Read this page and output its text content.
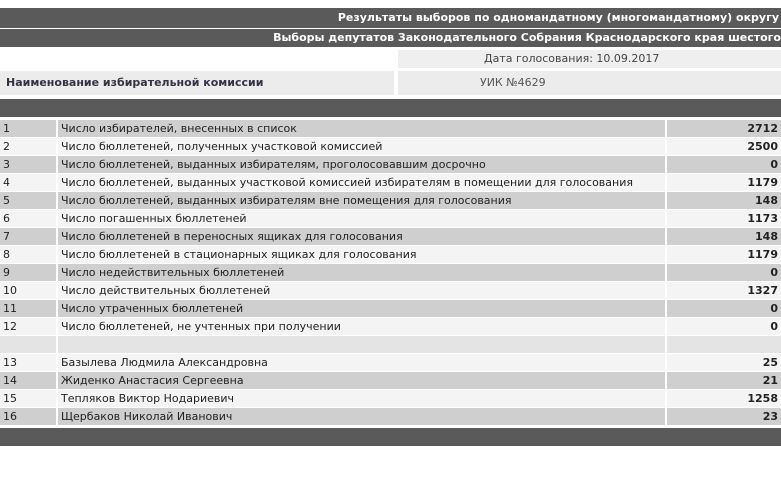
Результаты выборов по одномандатному (многомандатному) округу
Выборы депутатов Законодательного Собрания Краснодарского края шестого
Дата голосования: 10.09.2017
Наименование избирательной комиссии	УИК №4629
1	Число избирателей, внесенных в список	2712
2	Число бюллетеней, полученных участковой комиссией	2500
3	Число бюллетеней, выданных избирателям, проголосовавшим досрочно	0
4	Число бюллетеней, выданных участковой комиссией избирателям в помещении для голосования	1179
5	Число бюллетеней, выданных избирателям вне помещения для голосования	148
6	Число погашенных бюллетеней	1173
7	Число бюллетеней в переносных ящиках для голосования	148
8	Число бюллетеней в стационарных ящиках для голосования	1179
9	Число недействительных бюллетеней	0
10	Число действительных бюллетеней	1327
11	Число утраченных бюллетеней	0
12	Число бюллетеней, не учтенных при получении	0
13	Базылева Людмила Александровна	25
14	Жиденко Анастасия Сергеевна	21
15	Тепляков Виктор Нодариевич	1258
16	Щербаков Николай Иванович	23
